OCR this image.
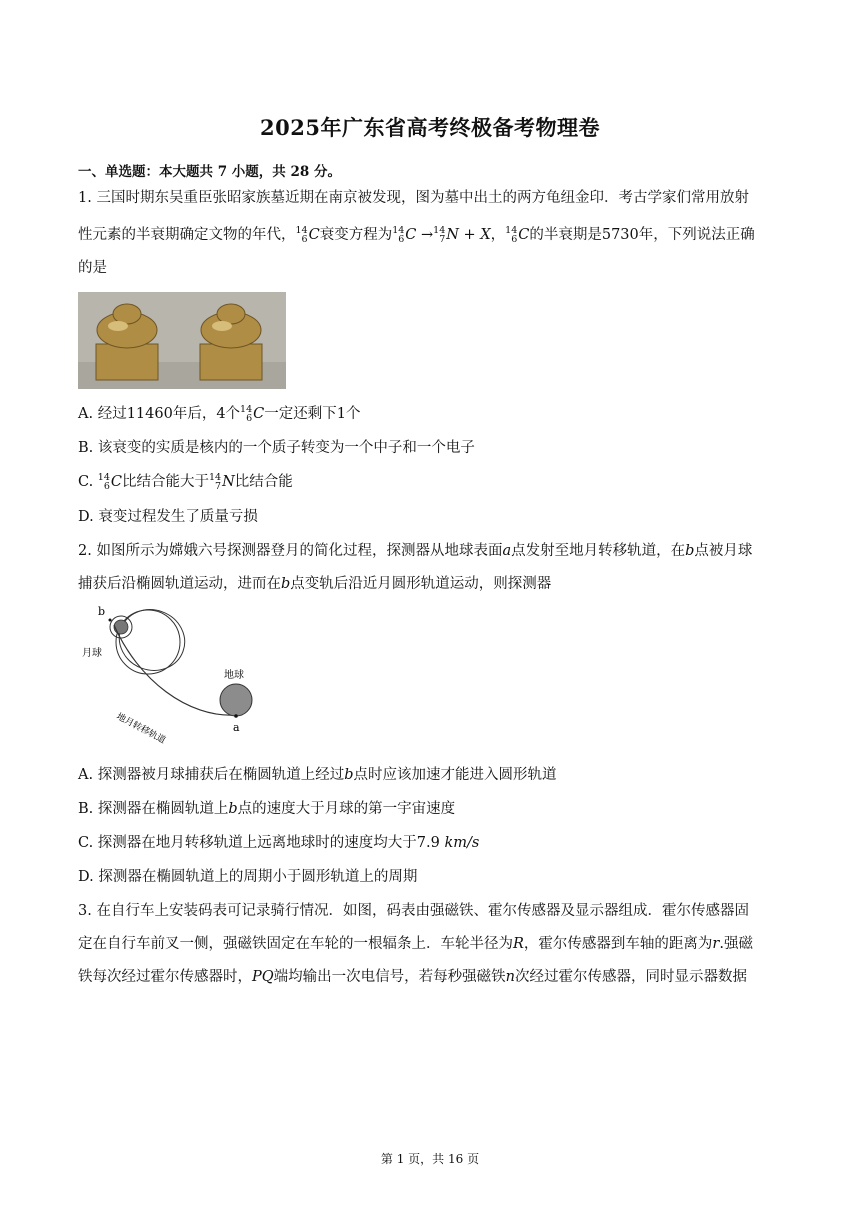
2025年广东省高考终极备考物理卷
一、单选题：本大题共 7 小题，共 28 分。
1. 三国时期东吴重臣张昭家族墓近期在南京被发现，图为墓中出土的两方龟纽金印．考古学家们常用放射
性元素的半衰期确定文物的年代， 14
6 C衰变方程为 14
6 C → 14
7 N + X， 14
6 C的半衰期是5730年，下列说法正确
的是
A. 经过11460年后，4个 14
6 C一定还剩下1个
B. 该衰变的实质是核内的一个质子转变为一个中子和一个电子
C. 14
6 C比结合能大于 14
7 N比结合能
D. 衰变过程发生了质量亏损
2. 如图所示为嫦娥六号探测器登月的简化过程，探测器从地球表面a点发射至地月转移轨道，在b点被月球
捕获后沿椭圆轨道运动，进而在b点变轨后沿近月圆形轨道运动，则探测器
b
月球
地球
a
地月转移轨道
A. 探测器被月球捕获后在椭圆轨道上经过b点时应该加速才能进入圆形轨道
B. 探测器在椭圆轨道上b点的速度大于月球的第一宇宙速度
C. 探测器在地月转移轨道上远离地球时的速度均大于7.9 km/s
D. 探测器在椭圆轨道上的周期小于圆形轨道上的周期
3. 在自行车上安装码表可记录骑行情况．如图，码表由强磁铁、霍尔传感器及显示器组成．霍尔传感器固
定在自行车前叉一侧，强磁铁固定在车轮的一根辐条上．车轮半径为R，霍尔传感器到车轴的距离为r.强磁
铁每次经过霍尔传感器时，PQ端均输出一次电信号，若每秒强磁铁n次经过霍尔传感器，同时显示器数据
第 1 页，共 16 页
